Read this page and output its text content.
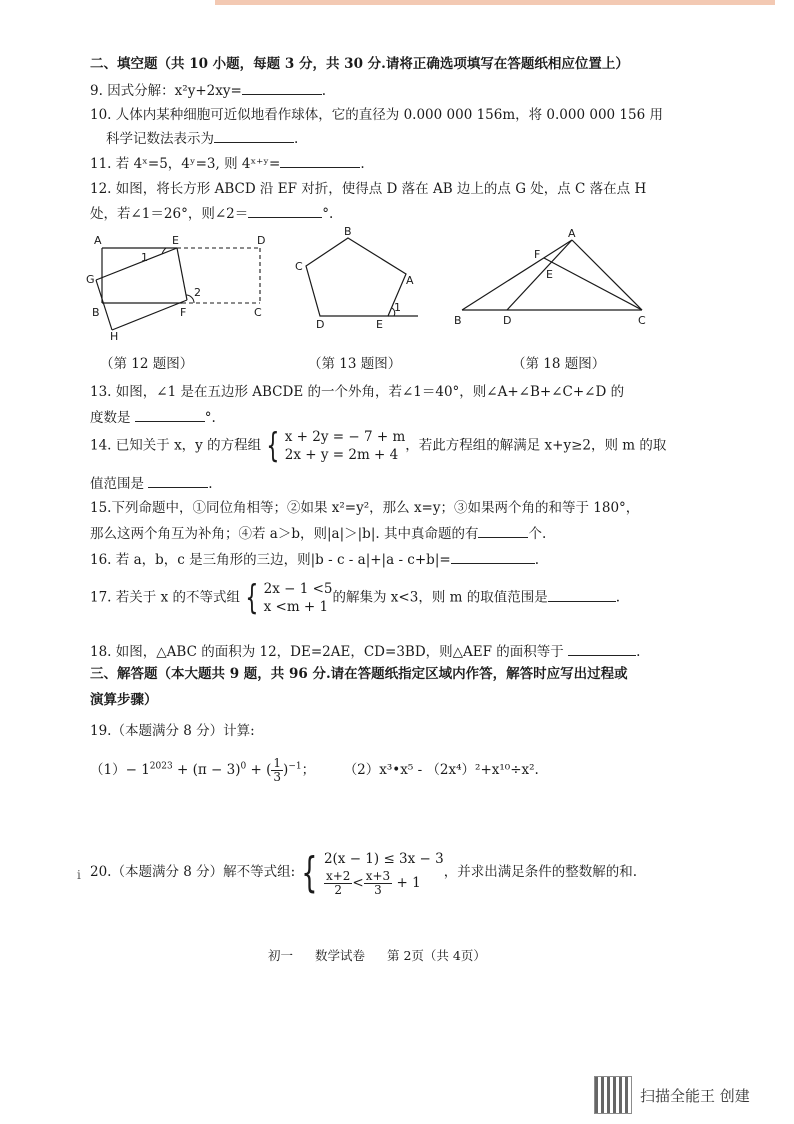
二、填空题（共 10 小题，每题 3 分，共 30 分.请将正确选项填写在答题纸相应位置上）
9. 因式分解：x²y+2xy=	.
10. 人体内某种细胞可近似地看作球体，它的直径为 0.000 000 156m，将 0.000 000 156 用
科学记数法表示为	.
11. 若 4ˣ=5，4ʸ=3, 则 4ˣ⁺ʸ=	.
12. 如图，将长方形 ABCD 沿 EF 对折，使得点 D 落在 AB 边上的点 G 处，点 C 落在点 H
处，若∠1＝26°，则∠2＝	°.
A	E	D
G
1
B	F	C
H
2
B
C
A
D	E
1
A
F
E
B	D	C
（第 12 题图）	（第 13 题图）	（第 18 题图）
13. 如图，∠1 是在五边形 ABCDE 的一个外角，若∠1＝40°，则∠A+∠B+∠C+∠D 的
度数是	°.
14. 已知关于 x，y 的方程组 { x + 2y = − 7 + m
2x + y = 2m + 4
，若此方程组的解满足 x+y≥2，则 m 的取
值范围是	.
15.下列命题中，①同位角相等；②如果 x²=y²，那么 x=y；③如果两个角的和等于 180°，
那么这两个角互为补角；④若 a＞b，则|a|＞|b|. 其中真命题的有	个.
16. 若 a，b，c 是三角形的三边，则|b - c - a|+|a - c+b|=	.
17. 若关于 x 的不等式组 { 2x − 1 <5
x <m + 1
的解集为 x<3，则 m 的取值范围是	.
18. 如图，△ABC 的面积为 12，DE=2AE，CD=3BD，则△AEF 的面积等于	.
三、解答题（本大题共 9 题，共 96 分.请在答题纸指定区域内作答，解答时应写出过程或
演算步骤）
19.（本题满分 8 分）计算:
$(1)- 1^{2023} + (\pi - 3)^0$ + ( $\frac{1}{3} )^{-1}$； （2）x³•x⁵ - （2x⁴）²+x¹⁰÷x².
i 20.（本题满分 8 分）解不等式组: { 2(x − 1) ≤ 3x − 3
$\frac{x+2}{2} < \frac{x+3}{3} + 1$
，并求出满足条件的整数解的和.
初一 数学试卷 第 2页（共 4页）
扫描全能王 创建
